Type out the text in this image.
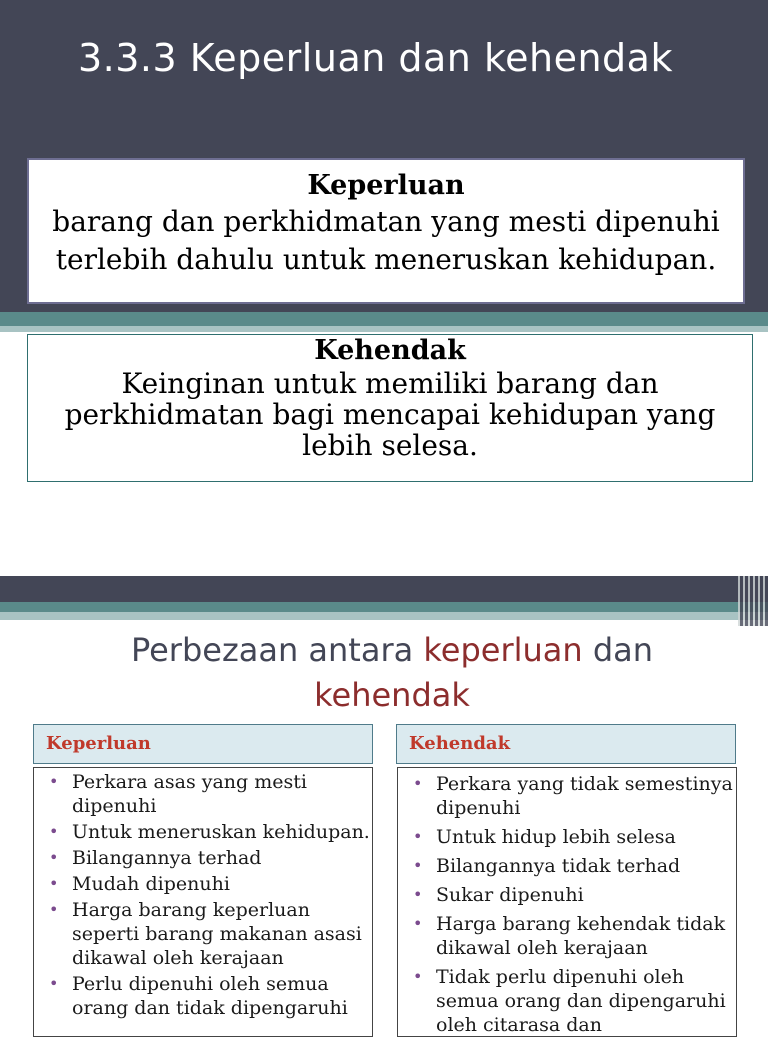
3.3.3 Keperluan dan kehendak
Keperluan
barang dan perkhidmatan yang mesti dipenuhi
terlebih dahulu untuk meneruskan kehidupan.
Kehendak
Keinginan untuk memiliki barang dan
perkhidmatan bagi mencapai kehidupan yang
lebih selesa.
Perbezaan antara keperluan dan
kehendak
Keperluan	Kehendak
• Perkara asas yang mesti dipenuhi
• Untuk meneruskan kehidupan.
• Bilangannya terhad
• Mudah dipenuhi
• Harga barang keperluan seperti barang makanan asasi dikawal oleh kerajaan
• Perlu dipenuhi oleh semua orang dan tidak dipengaruhi
• Perkara yang tidak semestinya dipenuhi
• Untuk hidup lebih selesa
• Bilangannya tidak terhad
• Sukar dipenuhi
• Harga barang kehendak tidak dikawal oleh kerajaan
• Tidak perlu dipenuhi oleh semua orang dan dipengaruhi oleh citarasa dan
